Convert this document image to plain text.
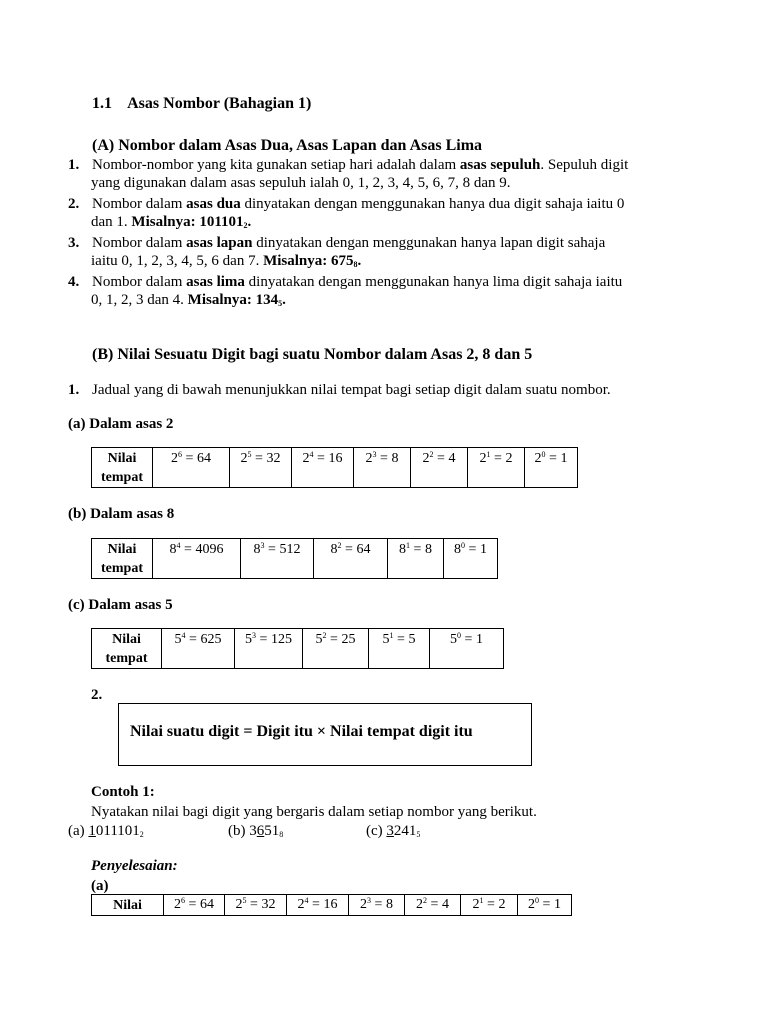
1.1 Asas Nombor (Bahagian 1)
(A) Nombor dalam Asas Dua, Asas Lapan dan Asas Lima
1. Nombor-nombor yang kita gunakan setiap hari adalah dalam asas sepuluh. Sepuluh digit
yang digunakan dalam asas sepuluh ialah 0, 1, 2, 3, 4, 5, 6, 7, 8 dan 9.
2. Nombor dalam asas dua dinyatakan dengan menggunakan hanya dua digit sahaja iaitu 0
dan 1. Misalnya: $101101_2$.
3. Nombor dalam asas lapan dinyatakan dengan menggunakan hanya lapan digit sahaja
iaitu 0, 1, 2, 3, 4, 5, 6 dan 7. Misalnya: $675_8$.
4. Nombor dalam asas lima dinyatakan dengan menggunakan hanya lima digit sahaja iaitu
0, 1, 2, 3 dan 4. Misalnya: $134_5$.
(B) Nilai Sesuatu Digit bagi suatu Nombor dalam Asas 2, 8 dan 5
1. Jadual yang di bawah menunjukkan nilai tempat bagi setiap digit dalam suatu nombor.
(a) Dalam asas 2
Nilai
tempat	$2^6 = 64$	$2^5 = 32$	$2^4 = 16$	$2^3 = 8$	$2^2 = 4$	$2^1 = 2$	$2^0 = 1$
(b) Dalam asas 8
Nilai
tempat	$8^4 = 4096$	$8^3 = 512$	$8^2 = 64$	$8^1 = 8$	$8^0 = 1$
(c) Dalam asas 5
Nilai
tempat	$5^4 = 625$	$5^3 = 125$	$5^2 = 25$	$5^1 = 5$	$5^0 = 1$
2.
Nilai suatu digit = Digit itu × Nilai tempat digit itu
Contoh 1:
Nyatakan nilai bagi digit yang bergaris dalam setiap nombor yang berikut.
(a) $1011101_2$	(b) $3651_8$	(c) $3241_5$
Penyelesaian:
(a)
Nilai	$2^6 = 64$	$2^5 = 32$	$2^4 = 16$	$2^3 = 8$	$2^2 = 4$	$2^1 = 2$	$2^0 = 1$
